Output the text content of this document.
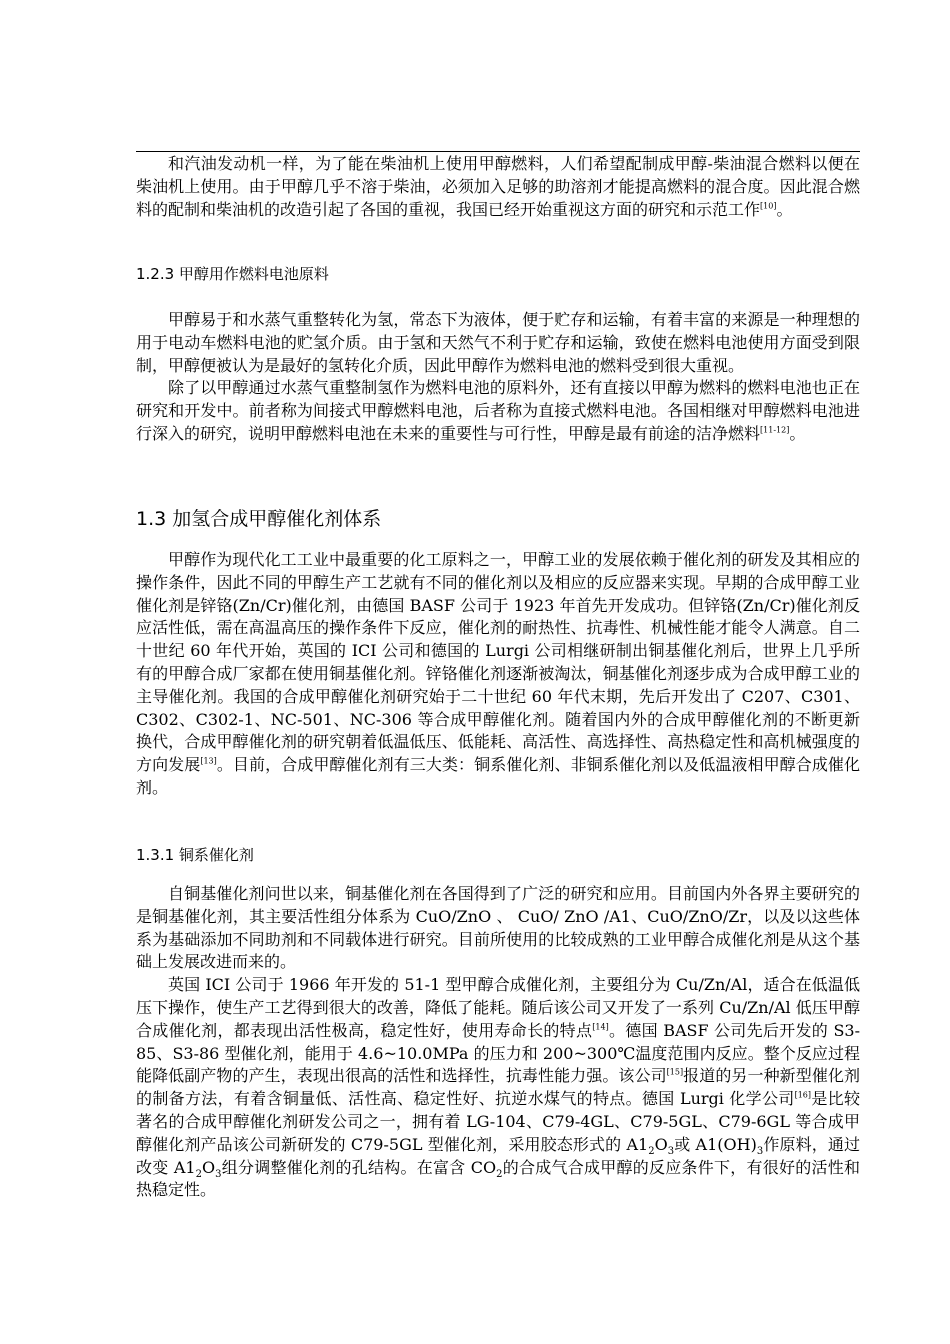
和汽油发动机一样，为了能在柴油机上使用甲醇燃料，人们希望配制成甲醇-柴油混合燃料以便在柴油机上使用。由于甲醇几乎不溶于柴油，必须加入足够的助溶剂才能提高燃料的混合度。因此混合燃料的配制和柴油机的改造引起了各国的重视，我国已经开始重视这方面的研究和示范工作[10]。

1.2.3 甲醇用作燃料电池原料

甲醇易于和水蒸气重整转化为氢，常态下为液体，便于贮存和运输，有着丰富的来源是一种理想的用于电动车燃料电池的贮氢介质。由于氢和天然气不利于贮存和运输，致使在燃料电池使用方面受到限制，甲醇便被认为是最好的氢转化介质，因此甲醇作为燃料电池的燃料受到很大重视。

除了以甲醇通过水蒸气重整制氢作为燃料电池的原料外，还有直接以甲醇为燃料的燃料电池也正在研究和开发中。前者称为间接式甲醇燃料电池，后者称为直接式燃料电池。各国相继对甲醇燃料电池进行深入的研究，说明甲醇燃料电池在未来的重要性与可行性，甲醇是最有前途的洁净燃料[11-12]。

1.3 加氢合成甲醇催化剂体系

甲醇作为现代化工工业中最重要的化工原料之一，甲醇工业的发展依赖于催化剂的研发及其相应的操作条件，因此不同的甲醇生产工艺就有不同的催化剂以及相应的反应器来实现。早期的合成甲醇工业催化剂是锌铬(Zn/Cr)催化剂，由德国 BASF 公司于 1923 年首先开发成功。但锌铬(Zn/Cr)催化剂反应活性低，需在高温高压的操作条件下反应，催化剂的耐热性、抗毒性、机械性能才能令人满意。自二十世纪 60 年代开始，英国的 ICI 公司和德国的 Lurgi 公司相继研制出铜基催化剂后，世界上几乎所有的甲醇合成厂家都在使用铜基催化剂。锌铬催化剂逐渐被淘汰，铜基催化剂逐步成为合成甲醇工业的主导催化剂。我国的合成甲醇催化剂研究始于二十世纪 60 年代末期，先后开发出了 C207、C301、C302、C302-1、NC-501、NC-306 等合成甲醇催化剂。随着国内外的合成甲醇催化剂的不断更新换代，合成甲醇催化剂的研究朝着低温低压、低能耗、高活性、高选择性、高热稳定性和高机械强度的方向发展[13]。目前，合成甲醇催化剂有三大类：铜系催化剂、非铜系催化剂以及低温液相甲醇合成催化剂。

1.3.1 铜系催化剂

自铜基催化剂问世以来，铜基催化剂在各国得到了广泛的研究和应用。目前国内外各界主要研究的是铜基催化剂，其主要活性组分体系为 CuO/ZnO 、 CuO/ ZnO /A1、CuO/ZnO/Zr，以及以这些体系为基础添加不同助剂和不同载体进行研究。目前所使用的比较成熟的工业甲醇合成催化剂是从这个基础上发展改进而来的。

英国 ICI 公司于 1966 年开发的 51-1 型甲醇合成催化剂，主要组分为 Cu/Zn/Al，适合在低温低压下操作，使生产工艺得到很大的改善，降低了能耗。随后该公司又开发了一系列 Cu/Zn/Al 低压甲醇合成催化剂，都表现出活性极高，稳定性好，使用寿命长的特点[14]。德国 BASF 公司先后开发的 S3-85、S3-86 型催化剂，能用于 4.6~10.0MPa 的压力和 200~300℃温度范围内反应。整个反应过程能降低副产物的产生，表现出很高的活性和选择性，抗毒性能力强。该公司[15]报道的另一种新型催化剂的制备方法，有着含铜量低、活性高、稳定性好、抗逆水煤气的特点。德国 Lurgi 化学公司[16]是比较著名的合成甲醇催化剂研发公司之一，拥有着 LG-104、C79-4GL、C79-5GL、C79-6GL 等合成甲醇催化剂产品该公司新研发的 C79-5GL 型催化剂，采用胶态形式的 $A1_2O_3$或 $A1(OH)_3$作原料，通过改变 $A1_2O_3$组分调整催化剂的孔结构。在富含 $CO_2$的合成气合成甲醇的反应条件下，有很好的活性和热稳定性。
